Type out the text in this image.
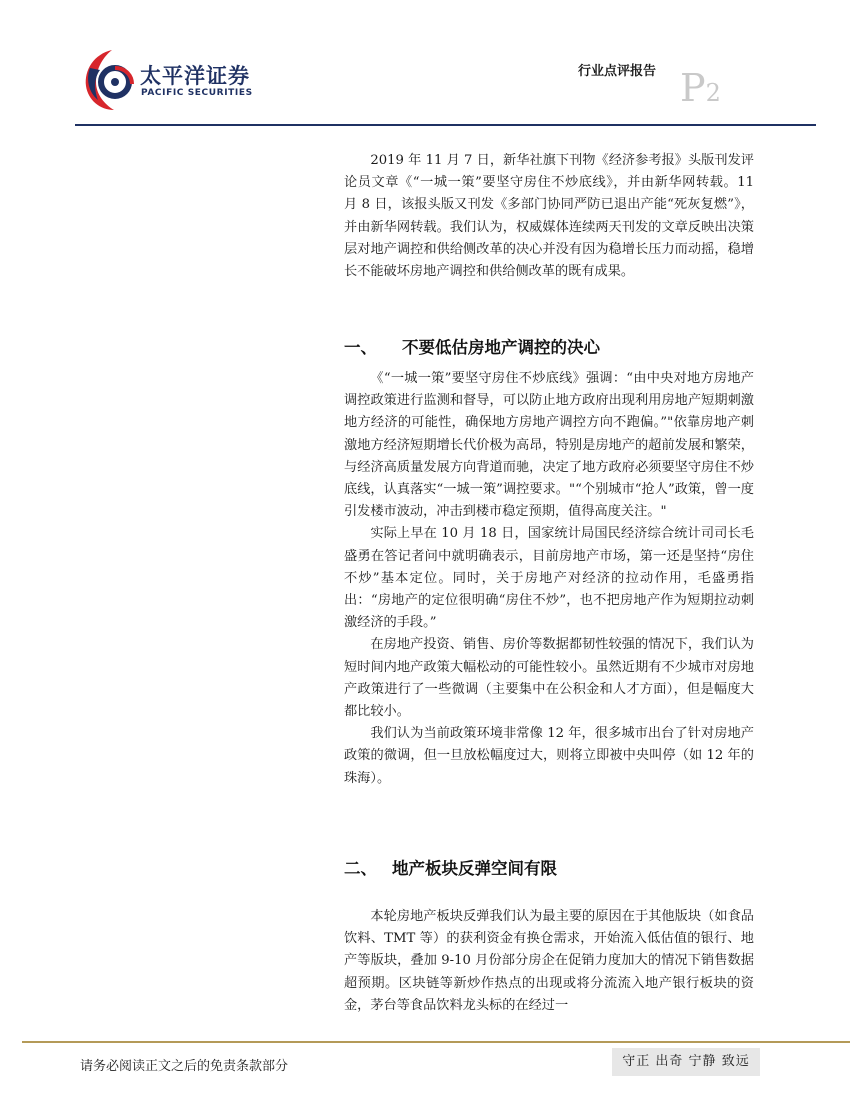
太平洋证券
PACIFIC SECURITIES
行业点评报告 P2

2019 年 11 月 7 日，新华社旗下刊物《经济参考报》头版刊发评论员文章《“一城一策”要坚守房住不炒底线》，并由新华网转载。11 月 8 日，该报头版又刊发《多部门协同严防已退出产能“死灰复燃”》，并由新华网转载。我们认为，权威媒体连续两天刊发的文章反映出决策层对地产调控和供给侧改革的决心并没有因为稳增长压力而动摇，稳增长不能破坏房地产调控和供给侧改革的既有成果。

一、 不要低估房地产调控的决心

《“一城一策”要坚守房住不炒底线》强调：“由中央对地方房地产调控政策进行监测和督导，可以防止地方政府出现利用房地产短期刺激地方经济的可能性，确保地方房地产调控方向不跑偏。”"依靠房地产刺激地方经济短期增长代价极为高昂，特别是房地产的超前发展和繁荣，与经济高质量发展方向背道而驰，决定了地方政府必须要坚守房住不炒底线，认真落实“一城一策”调控要求。"“个别城市“抢人”政策，曾一度引发楼市波动，冲击到楼市稳定预期，值得高度关注。"

实际上早在 10 月 18 日，国家统计局国民经济综合统计司司长毛盛勇在答记者问中就明确表示，目前房地产市场，第一还是坚持“房住不炒”基本定位。同时，关于房地产对经济的拉动作用，毛盛勇指出：“房地产的定位很明确“房住不炒”，也不把房地产作为短期拉动刺激经济的手段。”

在房地产投资、销售、房价等数据都韧性较强的情况下，我们认为短时间内地产政策大幅松动的可能性较小。虽然近期有不少城市对房地产政策进行了一些微调（主要集中在公积金和人才方面），但是幅度大都比较小。

我们认为当前政策环境非常像 12 年，很多城市出台了针对房地产政策的微调，但一旦放松幅度过大，则将立即被中央叫停（如 12 年的珠海）。

二、 地产板块反弹空间有限

本轮房地产板块反弹我们认为最主要的原因在于其他版块（如食品饮料、TMT 等）的获利资金有换仓需求，开始流入低估值的银行、地产等版块，叠加 9-10 月份部分房企在促销力度加大的情况下销售数据超预期。区块链等新炒作热点的出现或将分流流入地产银行板块的资金，茅台等食品饮料龙头标的在经过一

请务必阅读正文之后的免责条款部分	守正 出奇 宁静 致远
